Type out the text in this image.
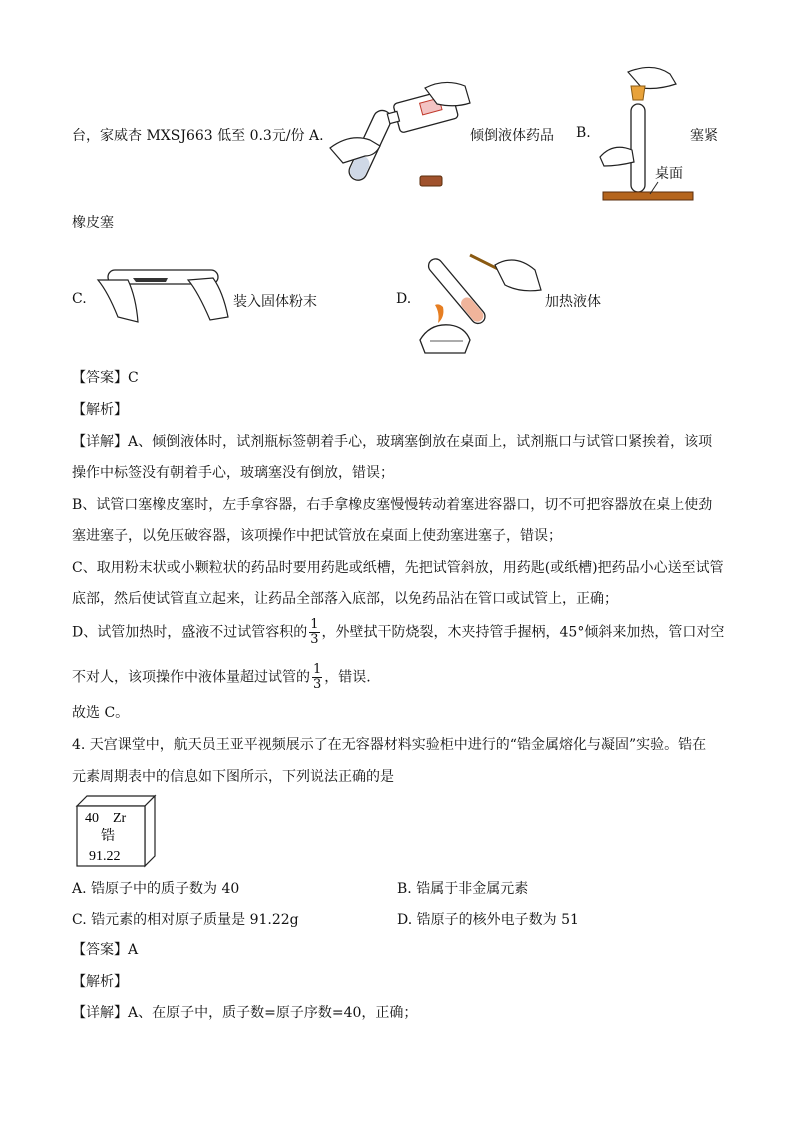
台，家威杏 MXSJ663 低至 0.3元/份 A.	倾倒液体药品 B.
桌面
塞紧
橡皮塞
C.	装入固体粉末	D.	加热液体
【答案】C
【解析】
【详解】A、倾倒液体时，试剂瓶标签朝着手心，玻璃塞倒放在桌面上，试剂瓶口与试管口紧挨着，该项
操作中标签没有朝着手心，玻璃塞没有倒放，错误；
B、试管口塞橡皮塞时，左手拿容器，右手拿橡皮塞慢慢转动着塞进容器口，切不可把容器放在桌上使劲
塞进塞子，以免压破容器，该项操作中把试管放在桌面上使劲塞进塞子，错误；
C、取用粉末状或小颗粒状的药品时要用药匙或纸槽，先把试管斜放，用药匙(或纸槽)把药品小心送至试管
底部，然后使试管直立起来，让药品全部落入底部，以免药品沾在管口或试管上，正确；
D、试管加热时，盛液不过试管容积的 $\frac{1}{3}$ ，外壁拭干防烧裂，木夹持管手握柄，45°倾斜来加热，管口对空
不对人，该项操作中液体量超过试管的 $\frac{1}{3}$ ，错误.
故选 C。
4. 天宫课堂中，航天员王亚平视频展示了在无容器材料实验柜中进行的“锆金属熔化与凝固”实验。锆在
元素周期表中的信息如下图所示，下列说法正确的是
40 Zr
锆
91.22
A. 锆原子中的质子数为 40	B. 锆属于非金属元素
C. 锆元素的相对原子质量是 91.22g	D. 锆原子的核外电子数为 51
【答案】A
【解析】
【详解】A、在原子中，质子数=原子序数=40，正确；
